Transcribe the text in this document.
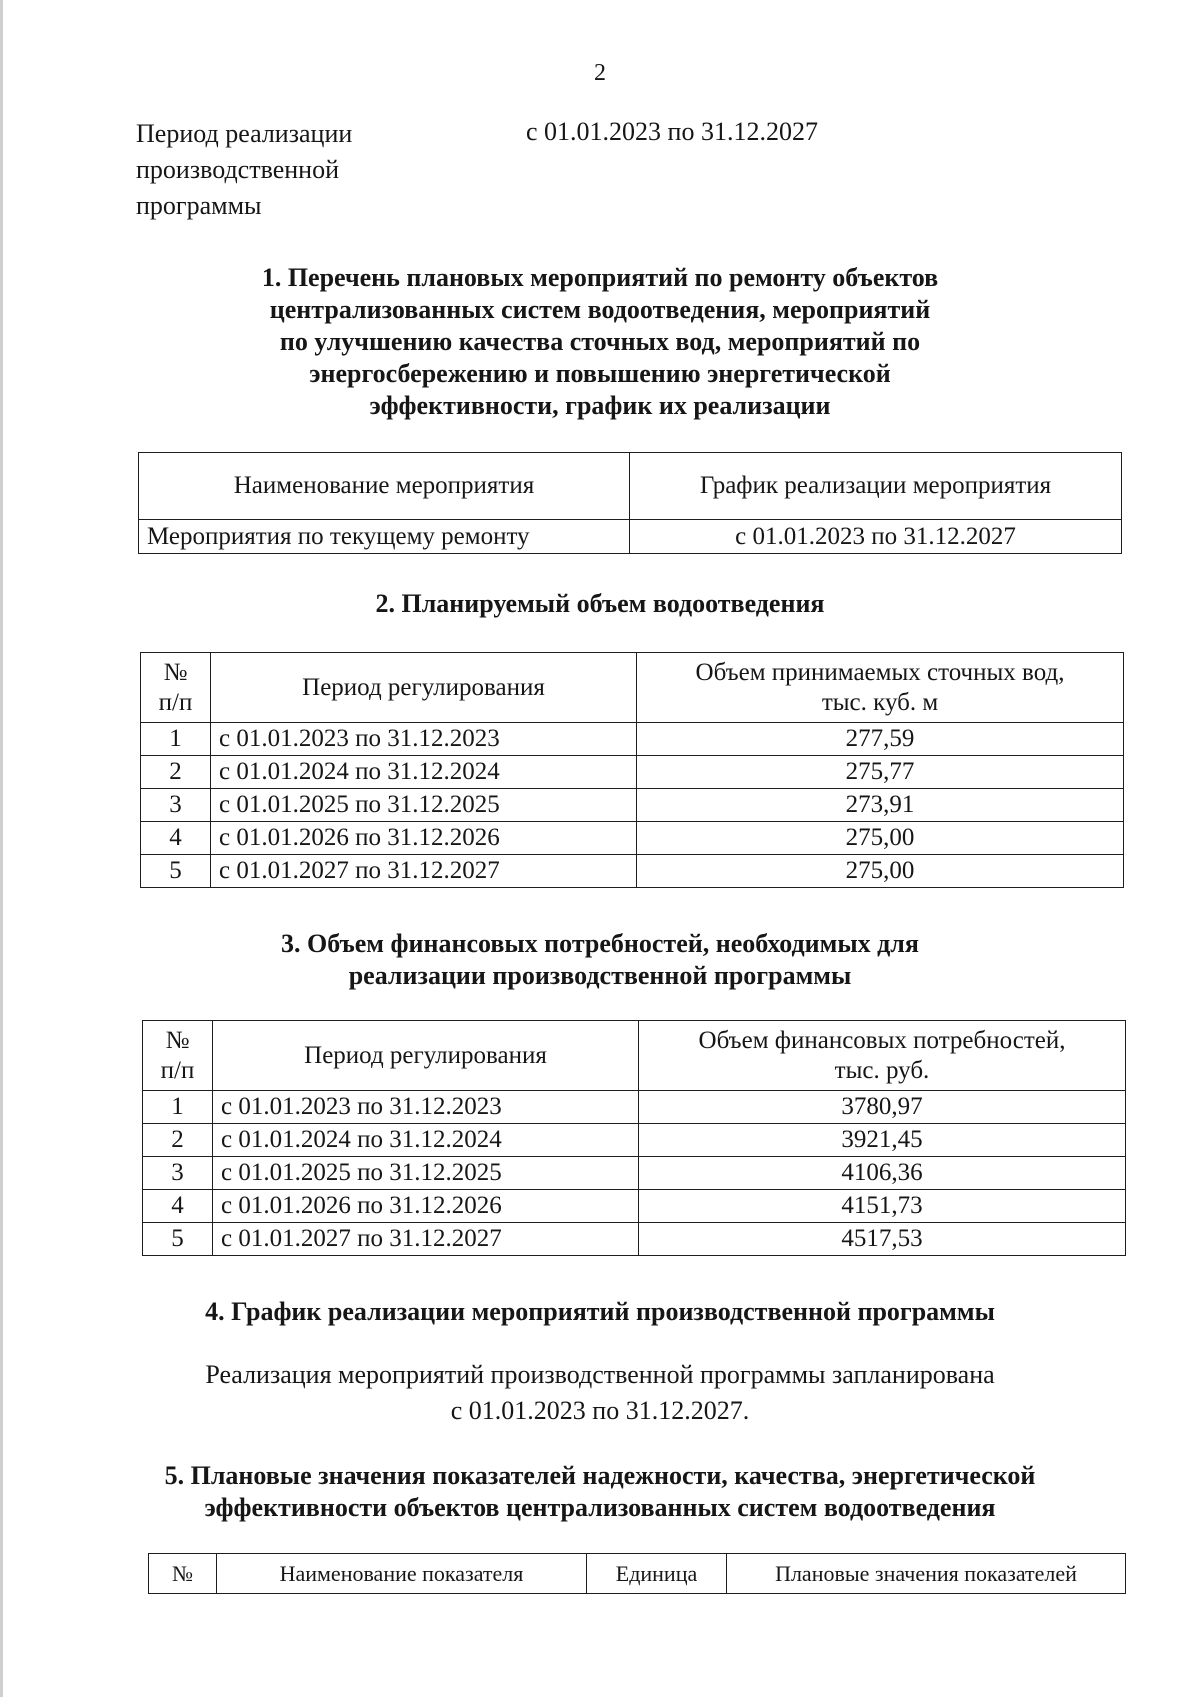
2
Период реализации
производственной
программы
с 01.01.2023 по 31.12.2027
1. Перечень плановых мероприятий по ремонту объектов
централизованных систем водоотведения, мероприятий
по улучшению качества сточных вод, мероприятий по
энергосбережению и повышению энергетической
эффективности, график их реализации
Наименование мероприятия	График реализации мероприятия
Мероприятия по текущему ремонту	с 01.01.2023 по 31.12.2027
2. Планируемый объем водоотведения
№
п/п	Период регулирования	Объем принимаемых сточных вод,
тыс. куб. м

1	с 01.01.2023 по 31.12.2023	277,59
2	с 01.01.2024 по 31.12.2024	275,77
3	с 01.01.2025 по 31.12.2025	273,91
4	с 01.01.2026 по 31.12.2026	275,00
5	с 01.01.2027 по 31.12.2027	275,00
3. Объем финансовых потребностей, необходимых для
реализации производственной программы
№
п/п	Период регулирования	Объем финансовых потребностей,
тыс. руб.

1	с 01.01.2023 по 31.12.2023	3780,97
2	с 01.01.2024 по 31.12.2024	3921,45
3	с 01.01.2025 по 31.12.2025	4106,36
4	с 01.01.2026 по 31.12.2026	4151,73
5	с 01.01.2027 по 31.12.2027	4517,53
4. График реализации мероприятий производственной программы
Реализация мероприятий производственной программы запланирована
с 01.01.2023 по 31.12.2027.
5. Плановые значения показателей надежности, качества, энергетической
эффективности объектов централизованных систем водоотведения
№	Наименование показателя	Единица	Плановые значения показателей
